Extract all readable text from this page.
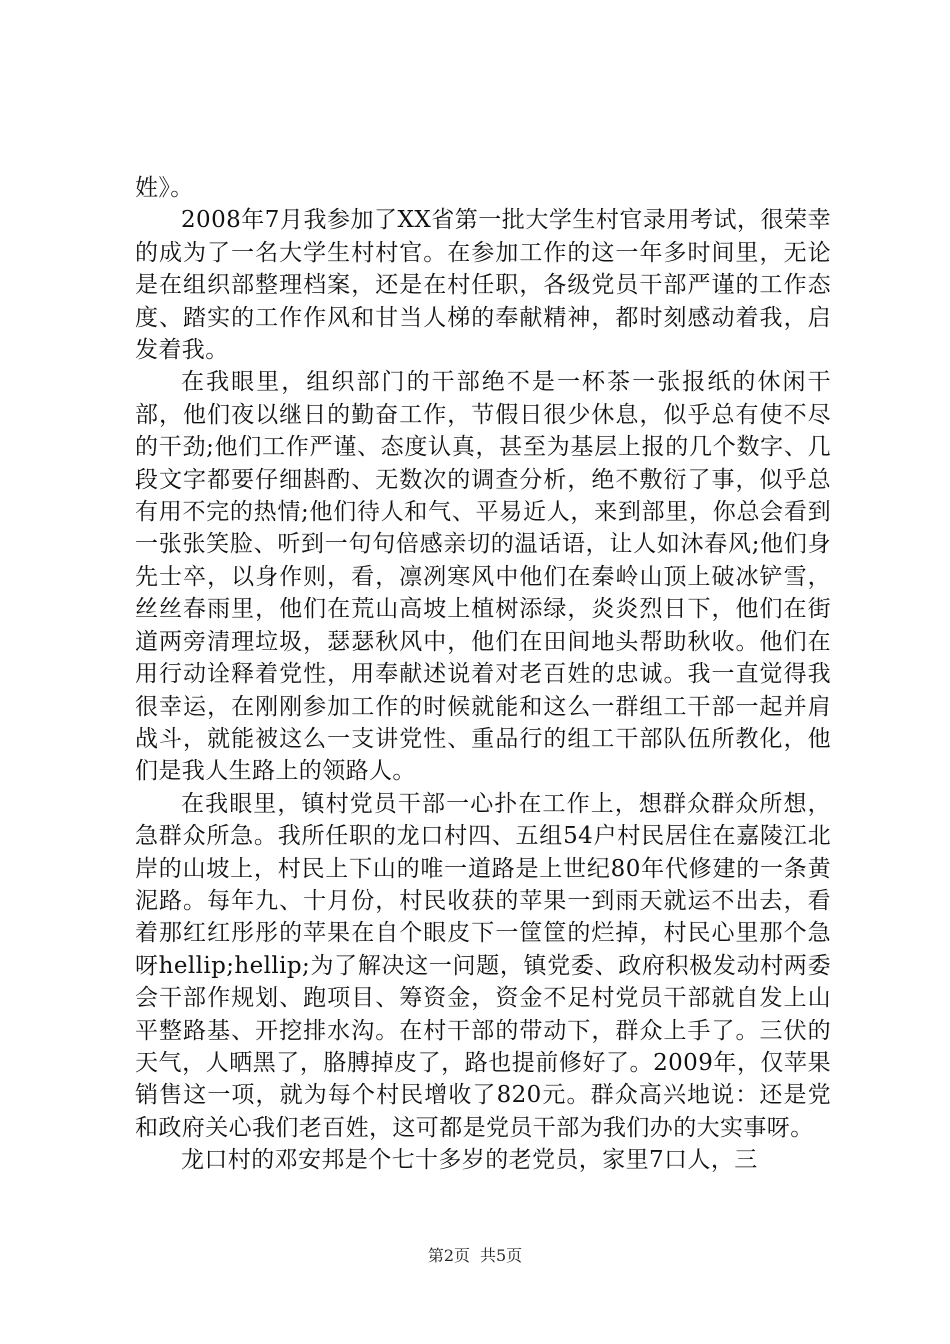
姓》。

2008年7月我参加了XX省第一批大学生村官录用考试，很荣幸的成为了一名大学生村村官。在参加工作的这一年多时间里，无论是在组织部整理档案，还是在村任职，各级党员干部严谨的工作态度、踏实的工作作风和甘当人梯的奉献精神，都时刻感动着我，启发着我。

在我眼里，组织部门的干部绝不是一杯茶一张报纸的休闲干部，他们夜以继日的勤奋工作，节假日很少休息，似乎总有使不尽的干劲;他们工作严谨、态度认真，甚至为基层上报的几个数字、几段文字都要仔细斟酌、无数次的调查分析，绝不敷衍了事，似乎总有用不完的热情;他们待人和气、平易近人，来到部里，你总会看到一张张笑脸、听到一句句倍感亲切的温话语，让人如沐春风;他们身先士卒，以身作则，看，凛冽寒风中他们在秦岭山顶上破冰铲雪，丝丝春雨里，他们在荒山高坡上植树添绿，炎炎烈日下，他们在街道两旁清理垃圾，瑟瑟秋风中，他们在田间地头帮助秋收。他们在用行动诠释着党性，用奉献述说着对老百姓的忠诚。我一直觉得我很幸运，在刚刚参加工作的时候就能和这么一群组工干部一起并肩战斗，就能被这么一支讲党性、重品行的组工干部队伍所教化，他们是我人生路上的领路人。

在我眼里，镇村党员干部一心扑在工作上，想群众群众所想，急群众所急。我所任职的龙口村四、五组54户村民居住在嘉陵江北岸的山坡上，村民上下山的唯一道路是上世纪80年代修建的一条黄泥路。每年九、十月份，村民收获的苹果一到雨天就运不出去，看着那红红彤彤的苹果在自个眼皮下一筐筐的烂掉，村民心里那个急呀hellip;hellip;为了解决这一问题，镇党委、政府积极发动村两委会干部作规划、跑项目、筹资金，资金不足村党员干部就自发上山平整路基、开挖排水沟。在村干部的带动下，群众上手了。三伏的天气，人晒黑了，胳膊掉皮了，路也提前修好了。2009年，仅苹果销售这一项，就为每个村民增收了820元。群众高兴地说：还是党和政府关心我们老百姓，这可都是党员干部为我们办的大实事呀。

龙口村的邓安邦是个七十多岁的老党员，家里7口人，三

第2页 共5页
